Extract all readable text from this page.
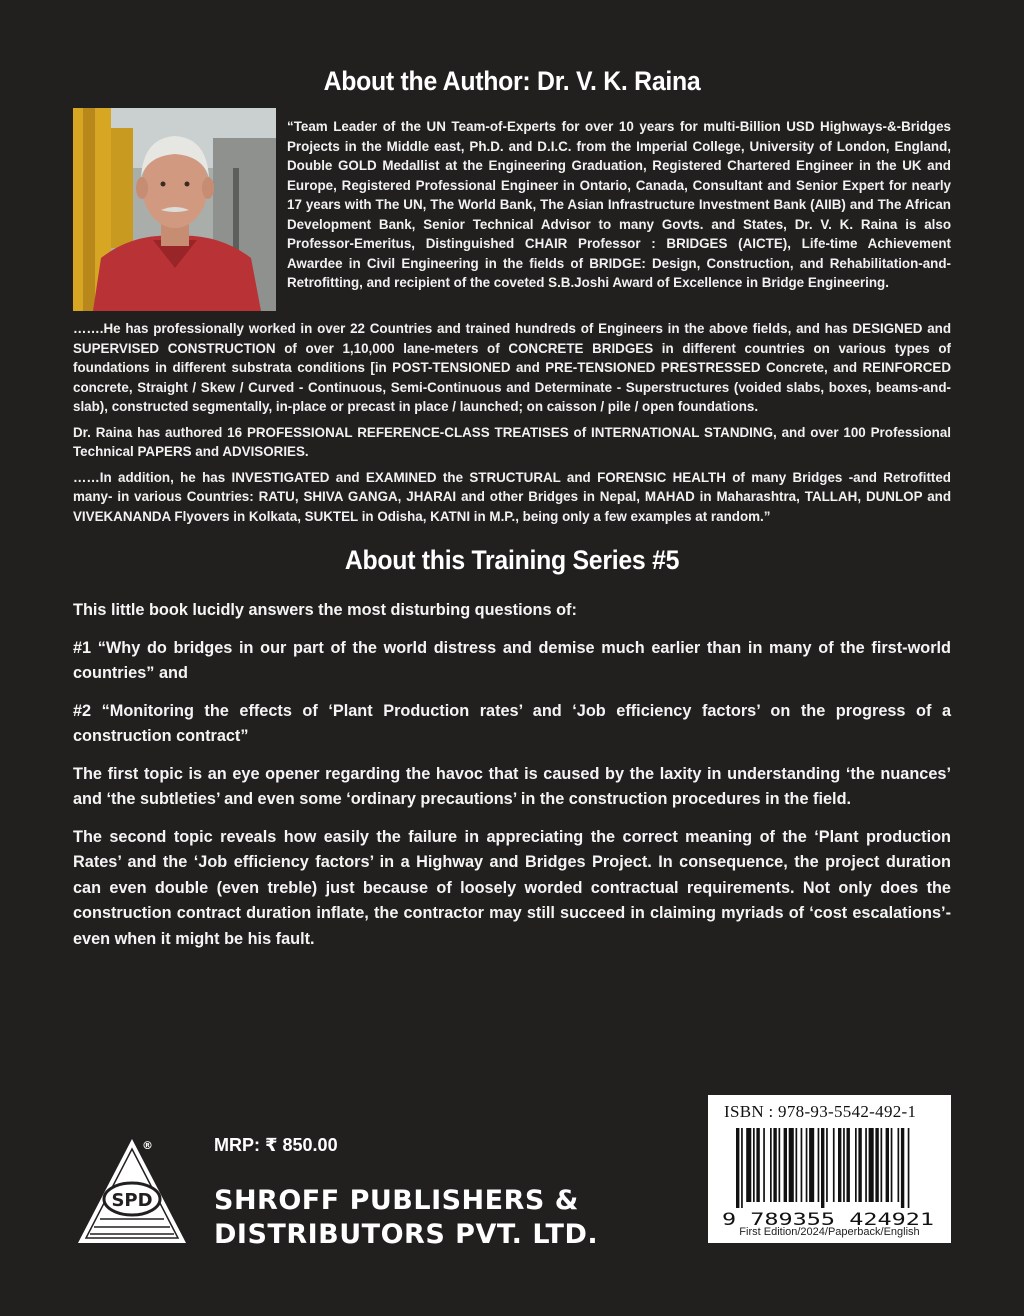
About the Author: Dr. V. K. Raina
“Team Leader of the UN Team-of-Experts for over 10 years for multi-Billion USD Highways-&-Bridges Projects in the Middle east, Ph.D. and D.I.C. from the Imperial College, University of London, England, Double GOLD Medallist at the Engineering Graduation, Registered Chartered Engineer in the UK and Europe, Registered Professional Engineer in Ontario, Canada, Consultant and Senior Expert for nearly 17 years with The UN, The World Bank, The Asian Infrastructure Investment Bank (AIIB) and The African Development Bank, Senior Technical Advisor to many Govts. and States, Dr. V. K. Raina is also Professor-Emeritus, Distinguished CHAIR Professor : BRIDGES (AICTE), Life-time Achievement Awardee in Civil Engineering in the fields of BRIDGE: Design, Construction, and Rehabilitation-and-Retrofitting, and recipient of the coveted S.B.Joshi Award of Excellence in Bridge Engineering.

…….He has professionally worked in over 22 Countries and trained hundreds of Engineers in the above fields, and has DESIGNED and SUPERVISED CONSTRUCTION of over 1,10,000 lane-meters of CONCRETE BRIDGES in different countries on various types of foundations in different substrata conditions [in POST-TENSIONED and PRE-TENSIONED PRESTRESSED Concrete, and REINFORCED concrete, Straight / Skew / Curved - Continuous, Semi-Continuous and Determinate - Superstructures (voided slabs, boxes, beams-and-slab), constructed segmentally, in-place or precast in place / launched; on caisson / pile / open foundations.

Dr. Raina has authored 16 PROFESSIONAL REFERENCE-CLASS TREATISES of INTERNATIONAL STANDING, and over 100 Professional Technical PAPERS and ADVISORIES.

……In addition, he has INVESTIGATED and EXAMINED the STRUCTURAL and FORENSIC HEALTH of many Bridges -and Retrofitted many- in various Countries: RATU, SHIVA GANGA, JHARAI and other Bridges in Nepal, MAHAD in Maharashtra, TALLAH, DUNLOP and VIVEKANANDA Flyovers in Kolkata, SUKTEL in Odisha, KATNI in M.P., being only a few examples at random.”

About this Training Series #5

This little book lucidly answers the most disturbing questions of:

#1 “Why do bridges in our part of the world distress and demise much earlier than in many of the first-world countries” and

#2 “Monitoring the effects of ‘Plant Production rates’ and ‘Job efficiency factors’ on the progress of a construction contract”

The first topic is an eye opener regarding the havoc that is caused by the laxity in understanding ‘the nuances’ and ‘the subtleties’ and even some ‘ordinary precautions’ in the construction procedures in the field.

The second topic reveals how easily the failure in appreciating the correct meaning of the ‘Plant production Rates’ and the ‘Job efficiency factors’ in a Highway and Bridges Project. In consequence, the project duration can even double (even treble) just because of loosely worded contractual requirements. Not only does the construction contract duration inflate, the contractor may still succeed in claiming myriads of ‘cost escalations’- even when it might be his fault.

SPD
®	MRP: ₹ 850.00
SHROFF PUBLISHERS &
DISTRIBUTORS PVT. LTD.
ISBN : 978-93-5542-492-1
9 789355 424921
First Edition/2024/Paperback/English
